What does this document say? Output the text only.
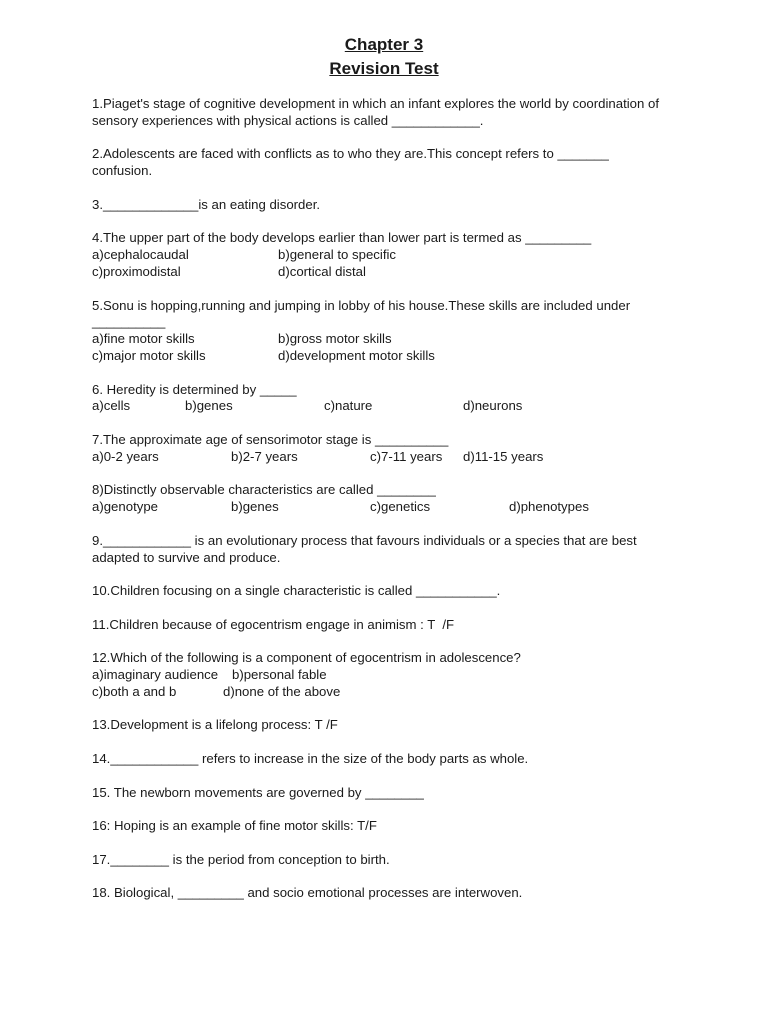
Chapter 3
Revision Test
1.Piaget's stage of cognitive development in which an infant explores the world by coordination of sensory experiences with physical actions is called ____________.
2.Adolescents are faced with conflicts as to who they are.This concept refers to _______ confusion.
3._____________is an eating disorder.
4.The upper part of the body develops earlier than lower part is termed as _________
a)cephalocaudal	b)general to specific
c)proximodistal	d)cortical distal
5.Sonu is hopping,running and jumping in lobby of his house.These skills are included under __________
a)fine motor skills	b)gross motor skills
c)major motor skills	d)development motor skills
6. Heredity is determined by _____
a)cells	b)genes	c)nature	d)neurons
7.The approximate age of sensorimotor stage is __________
a)0-2 years	b)2-7 years	c)7-11 years	d)11-15 years
8)Distinctly observable characteristics are called ________
a)genotype	b)genes	c)genetics	d)phenotypes
9.____________ is an evolutionary process that favours individuals or a species that are best adapted to survive and produce.
10.Children focusing on a single characteristic is called ___________.
11.Children because of egocentrism engage in animism : T  /F
12.Which of the following is a component of egocentrism in adolescence?
a)imaginary audience	b)personal fable
c)both a and b	d)none of the above
13.Development is a lifelong process: T /F
14.____________ refers to increase in the size of the body parts as whole.
15. The newborn movements are governed by ________
16: Hoping is an example of fine motor skills: T/F
17.________ is the period from conception to birth.
18. Biological, _________ and socio emotional processes are interwoven.
